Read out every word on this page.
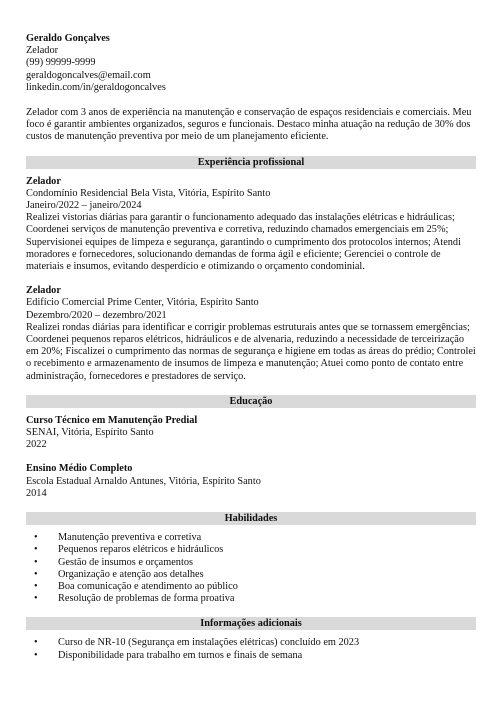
Geraldo Gonçalves
Zelador
(99) 99999-9999
geraldogoncalves@email.com
linkedin.com/in/geraldogoncalves
Zelador com 3 anos de experiência na manutenção e conservação de espaços residenciais e comerciais. Meu foco é garantir ambientes organizados, seguros e funcionais. Destaco minha atuação na redução de 30% dos custos de manutenção preventiva por meio de um planejamento eficiente.
Experiência profissional
Zelador
Condomínio Residencial Bela Vista, Vitória, Espírito Santo
Janeiro/2022 – janeiro/2024
Realizei vistorias diárias para garantir o funcionamento adequado das instalações elétricas e hidráulicas; Coordenei serviços de manutenção preventiva e corretiva, reduzindo chamados emergenciais em 25%; Supervisionei equipes de limpeza e segurança, garantindo o cumprimento dos protocolos internos; Atendi moradores e fornecedores, solucionando demandas de forma ágil e eficiente; Gerenciei o controle de materiais e insumos, evitando desperdício e otimizando o orçamento condominial.
Zelador
Edifício Comercial Prime Center, Vitória, Espírito Santo
Dezembro/2020 – dezembro/2021
Realizei rondas diárias para identificar e corrigir problemas estruturais antes que se tornassem emergências; Coordenei pequenos reparos elétricos, hidráulicos e de alvenaria, reduzindo a necessidade de terceirização em 20%; Fiscalizei o cumprimento das normas de segurança e higiene em todas as áreas do prédio; Controlei o recebimento e armazenamento de insumos de limpeza e manutenção; Atuei como ponto de contato entre administração, fornecedores e prestadores de serviço.
Educação
Curso Técnico em Manutenção Predial
SENAI, Vitória, Espírito Santo
2022
Ensino Médio Completo
Escola Estadual Arnaldo Antunes, Vitória, Espírito Santo
2014
Habilidades
• Manutenção preventiva e corretiva
• Pequenos reparos elétricos e hidráulicos
• Gestão de insumos e orçamentos
• Organização e atenção aos detalhes
• Boa comunicação e atendimento ao público
• Resolução de problemas de forma proativa
Informações adicionais
• Curso de NR-10 (Segurança em instalações elétricas) concluído em 2023
• Disponibilidade para trabalho em turnos e finais de semana
